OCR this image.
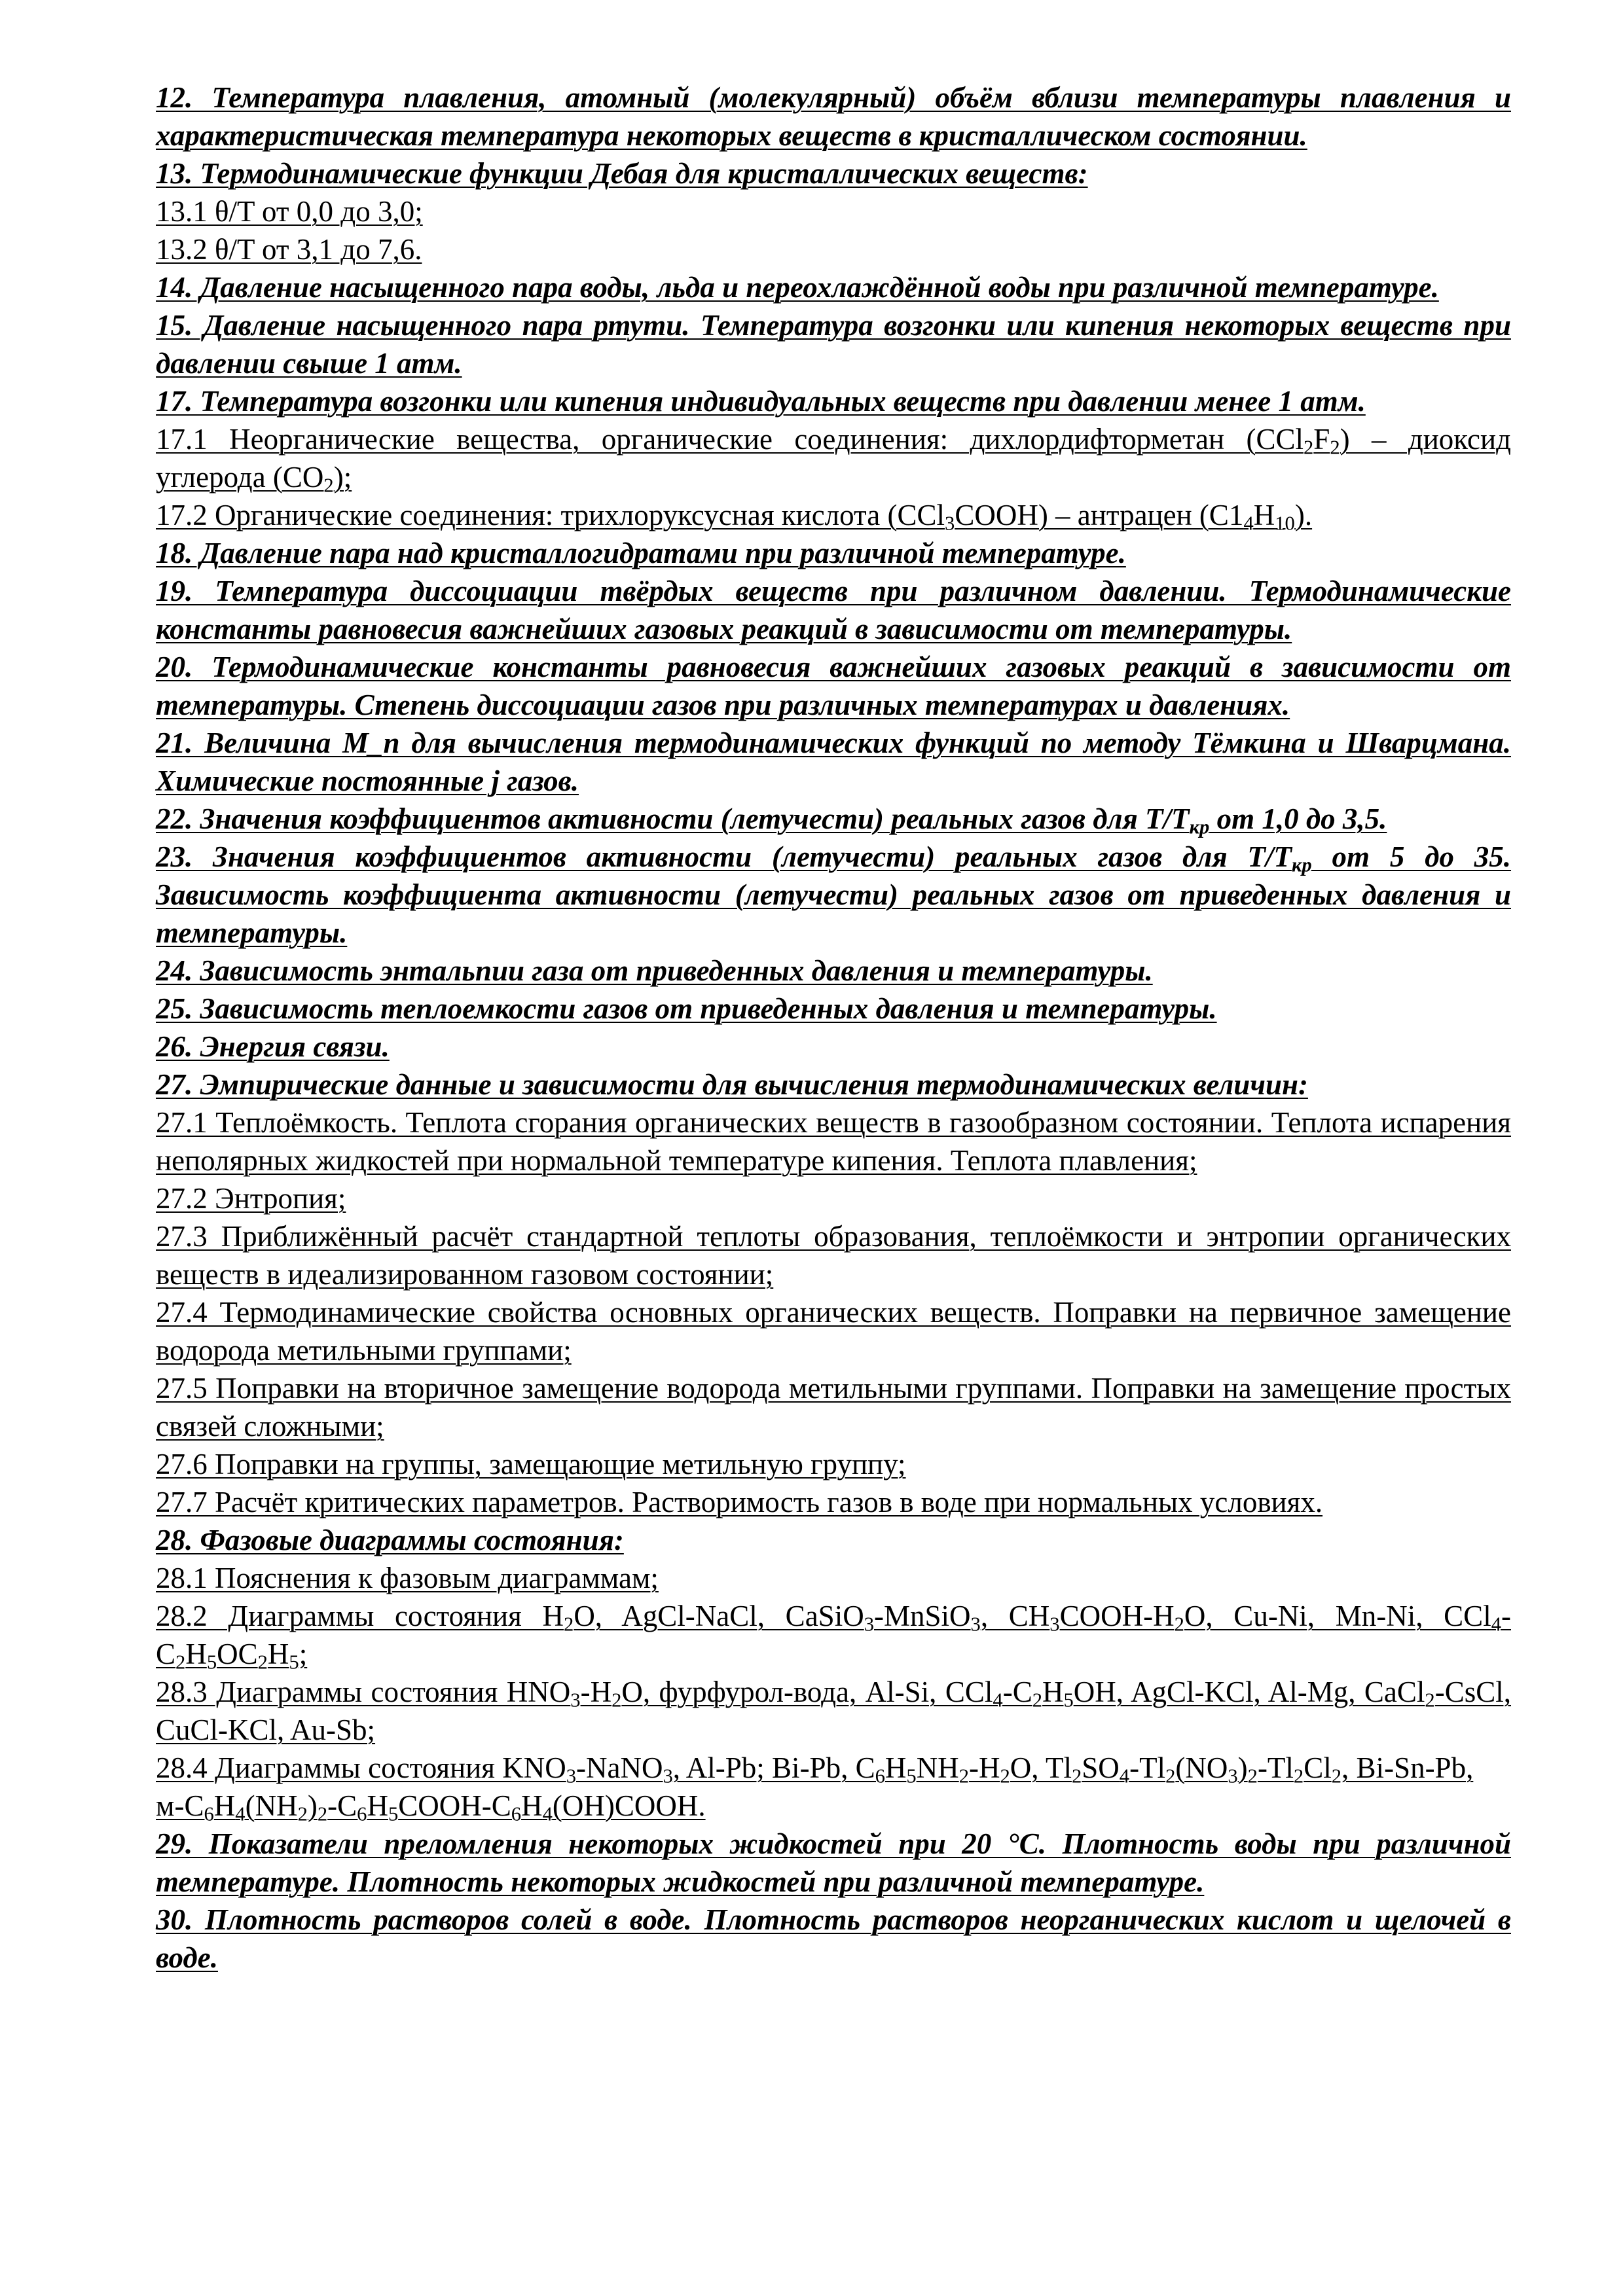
12. Температура плавления, атомный (молекулярный) объём вблизи температуры плавления и характеристическая температура некоторых веществ в кристаллическом состоянии.
13. Термодинамические функции Дебая для кристаллических веществ:
13.1 θ/T от 0,0 до 3,0;
13.2 θ/T от 3,1 до 7,6.
14. Давление насыщенного пара воды, льда и переохлаждённой воды при различной температуре.
15. Давление насыщенного пара ртути. Температура возгонки или кипения некоторых веществ при давлении свыше 1 атм.
17. Температура возгонки или кипения индивидуальных веществ при давлении менее 1 атм.
17.1 Неорганические вещества, органические соединения: дихлордифторметан $(CCl_2F_2)$ – диоксид углерода $(CO_2)$;
17.2 Органические соединения: трихлоруксусная кислота (CCl$_3$COOH) – антрацен $(C1_4H_{10})$.
18. Давление пара над кристаллогидратами при различной температуре.
19. Температура диссоциации твёрдых веществ при различном давлении. Термодинамические константы равновесия важнейших газовых реакций в зависимости от температуры.
20. Термодинамические константы равновесия важнейших газовых реакций в зависимости от температуры. Степень диссоциации газов при различных температурах и давлениях.
21. Величина M_n для вычисления термодинамических функций по методу Тёмкина и Шварцмана. Химические постоянные j газов.
22. Значения коэффициентов активности (летучести) реальных газов для $T/T_{кр}$ от 1,0 до 3,5.
23. Значения коэффициентов активности (летучести) реальных газов для $T/T_{кр}$ от 5 до 35. Зависимость коэффициента активности (летучести) реальных газов от приведенных давления и температуры.
24. Зависимость энтальпии газа от приведенных давления и температуры.
25. Зависимость теплоемкости газов от приведенных давления и температуры.
26. Энергия связи.
27. Эмпирические данные и зависимости для вычисления термодинамических величин:
27.1 Теплоёмкость. Теплота сгорания органических веществ в газообразном состоянии. Теплота испарения неполярных жидкостей при нормальной температуре кипения. Теплота плавления;
27.2 Энтропия;
27.3 Приближённый расчёт стандартной теплоты образования, теплоёмкости и энтропии органических веществ в идеализированном газовом состоянии;
27.4 Термодинамические свойства основных органических веществ. Поправки на первичное замещение водорода метильными группами;
27.5 Поправки на вторичное замещение водорода метильными группами. Поправки на замещение простых связей сложными;
27.6 Поправки на группы, замещающие метильную группу;
27.7 Расчёт критических параметров. Растворимость газов в воде при нормальных условиях.
28. Фазовые диаграммы состояния:
28.1 Пояснения к фазовым диаграммам;
28.2 Диаграммы состояния $H_2O$, AgCl-NaCl, CaSiO$_3$-MnSiO$_3$, $CH_3COOH-H_2O$, Cu-Ni, Mn-Ni, $CCl_4-C_2H_5OC_2H_5$;
28.3 Диаграммы состояния $HNO_3-H_2O$, фурфурол-вода, Al-Si, $CCl_4-C_2H_5OH$, AgCl-KCl, Al-Mg, CaCl$_2$-CsCl, CuCl-KCl, Au-Sb;
28.4 Диаграммы состояния $KNO_3-NaNO_3$, Al-Pb; Bi-Pb, $C_6H_5NH_2-H_2O$, $Tl_2SO_4-Tl_2(NO_3)_2-Tl_2Cl_2$, Bi-Sn-Pb,
$м-C_6H_4(NH_2)_2-C_6H_5COOH-C_6H_4(OH)COOH$.
29. Показатели преломления некоторых жидкостей при 20 °С. Плотность воды при различной температуре. Плотность некоторых жидкостей при различной температуре.
30. Плотность растворов солей в воде. Плотность растворов неорганических кислот и щелочей в воде.
